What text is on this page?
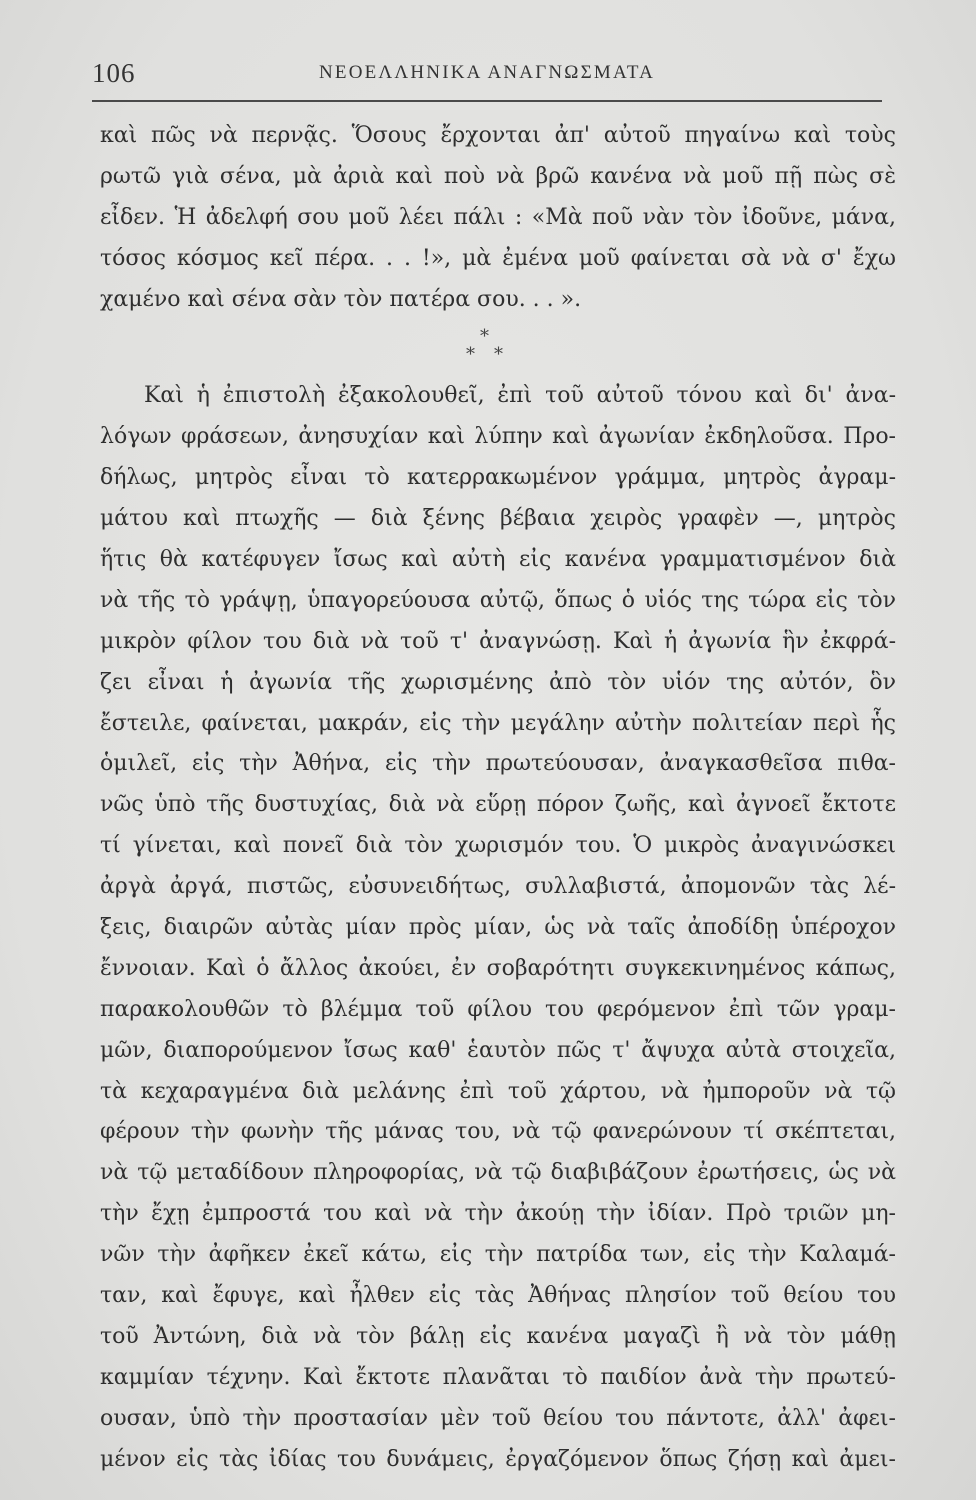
106	ΝΕΟΕΛΛΗΝΙΚΑ ΑΝΑΓΝΩΣΜΑΤΑ
καὶ πῶς νὰ περνᾷς. Ὅσους ἔρχονται ἀπ' αὐτοῦ πηγαίνω καὶ τοὺς
ρωτῶ γιὰ σένα, μὰ ἀριὰ καὶ ποὺ νὰ βρῶ κανένα νὰ μοῦ πῇ πὼς σὲ
εἶδεν. Ἡ ἀδελφή σου μοῦ λέει πάλι : «Μὰ ποῦ νὰν τὸν ἰδοῦνε, μάνα,
τόσος κόσμος κεῖ πέρα. . . !», μὰ ἐμένα μοῦ φαίνεται σὰ νὰ σ' ἔχω
χαμένο καὶ σένα σὰν τὸν πατέρα σου. . . ».
*
* *
Καὶ ἡ ἐπιστολὴ ἐξακολουθεῖ, ἐπὶ τοῦ αὐτοῦ τόνου καὶ δι' ἀνα-
λόγων φράσεων, ἀνησυχίαν καὶ λύπην καὶ ἀγωνίαν ἐκδηλοῦσα. Προ-
δήλως, μητρὸς εἶναι τὸ κατερρακωμένον γράμμα, μητρὸς ἀγραμ-
μάτου καὶ πτωχῆς — διὰ ξένης βέβαια χειρὸς γραφὲν —, μητρὸς
ἥτις θὰ κατέφυγεν ἴσως καὶ αὐτὴ εἰς κανένα γραμματισμένον διὰ
νὰ τῆς τὸ γράψῃ, ὑπαγορεύουσα αὐτῷ, ὅπως ὁ υἱός της τώρα εἰς τὸν
μικρὸν φίλον του διὰ νὰ τοῦ τ' ἀναγνώσῃ. Καὶ ἡ ἀγωνία ἣν ἐκφρά-
ζει εἶναι ἡ ἀγωνία τῆς χωρισμένης ἀπὸ τὸν υἱόν της αὐτόν, ὃν
ἔστειλε, φαίνεται, μακράν, εἰς τὴν μεγάλην αὐτὴν πολιτείαν περὶ ἧς
ὁμιλεῖ, εἰς τὴν Ἀθήνα, εἰς τὴν πρωτεύουσαν, ἀναγκασθεῖσα πιθα-
νῶς ὑπὸ τῆς δυστυχίας, διὰ νὰ εὕρῃ πόρον ζωῆς, καὶ ἀγνοεῖ ἔκτοτε
τί γίνεται, καὶ πονεῖ διὰ τὸν χωρισμόν του. Ὁ μικρὸς ἀναγινώσκει
ἀργὰ ἀργά, πιστῶς, εὐσυνειδήτως, συλλαβιστά, ἀπομονῶν τὰς λέ-
ξεις, διαιρῶν αὐτὰς μίαν πρὸς μίαν, ὡς νὰ ταῖς ἀποδίδῃ ὑπέροχον
ἔννοιαν. Καὶ ὁ ἄλλος ἀκούει, ἐν σοβαρότητι συγκεκινημένος κάπως,
παρακολουθῶν τὸ βλέμμα τοῦ φίλου του φερόμενον ἐπὶ τῶν γραμ-
μῶν, διαπορούμενον ἴσως καθ' ἑαυτὸν πῶς τ' ἄψυχα αὐτὰ στοιχεῖα,
τὰ κεχαραγμένα διὰ μελάνης ἐπὶ τοῦ χάρτου, νὰ ἠμποροῦν νὰ τῷ
φέρουν τὴν φωνὴν τῆς μάνας του, νὰ τῷ φανερώνουν τί σκέπτεται,
νὰ τῷ μεταδίδουν πληροφορίας, νὰ τῷ διαβιβάζουν ἐρωτήσεις, ὡς νὰ
τὴν ἔχῃ ἐμπροστά του καὶ νὰ τὴν ἀκούῃ τὴν ἰδίαν. Πρὸ τριῶν μη-
νῶν τὴν ἀφῆκεν ἐκεῖ κάτω, εἰς τὴν πατρίδα των, εἰς τὴν Καλαμά-
ταν, καὶ ἔφυγε, καὶ ἦλθεν εἰς τὰς Ἀθήνας πλησίον τοῦ θείου του
τοῦ Ἀντώνη, διὰ νὰ τὸν βάλῃ εἰς κανένα μαγαζὶ ἢ νὰ τὸν μάθῃ
καμμίαν τέχνην. Καὶ ἔκτοτε πλανᾶται τὸ παιδίον ἀνὰ τὴν πρωτεύ-
ουσαν, ὑπὸ τὴν προστασίαν μὲν τοῦ θείου του πάντοτε, ἀλλ' ἀφει-
μένον εἰς τὰς ἰδίας του δυνάμεις, ἐργαζόμενον ὅπως ζήσῃ καὶ ἀμει-
